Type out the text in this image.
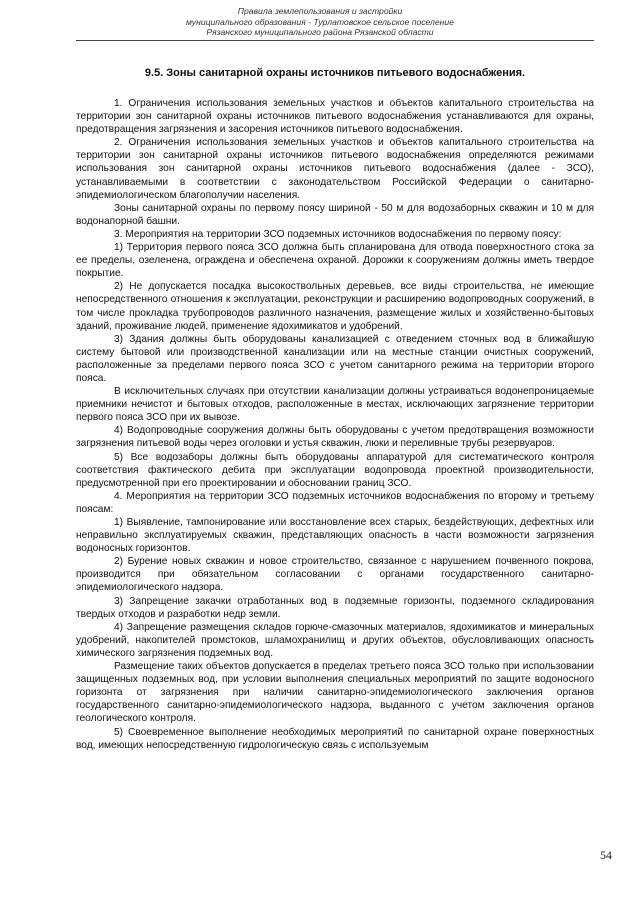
Правила землепользования и застройки
муниципального образования - Турлатовское сельское поселение
Рязанского муниципального района Рязанской области
9.5. Зоны санитарной охраны источников питьевого водоснабжения.

1. Ограничения использования земельных участков и объектов капитального строительства на территории зон санитарной охраны источников питьевого водоснабжения устанавливаются для охраны, предотвращения загрязнения и засорения источников питьевого водоснабжения.

2. Ограничения использования земельных участков и объектов капитального строительства на территории зон санитарной охраны источников питьевого водоснабжения определяются режимами использования зон санитарной охраны источников питьевого водоснабжения (далее - ЗСО), устанавливаемыми в соответствии с законодательством Российской Федерации о санитарно-эпидемиологическом благополучии населения.

Зоны санитарной охраны по первому поясу шириной - 50 м для водозаборных скважин и 10 м для водонапорной башни.

3. Мероприятия на территории ЗСО подземных источников водоснабжения по первому поясу:

1) Территория первого пояса ЗСО должна быть спланирована для отвода поверхностного стока за ее пределы, озеленена, ограждена и обеспечена охраной. Дорожки к сооружениям должны иметь твердое покрытие.

2) Не допускается посадка высокоствольных деревьев, все виды строительства, не имеющие непосредственного отношения к эксплуатации, реконструкции и расширению водопроводных сооружений, в том числе прокладка трубопроводов различного назначения, размещение жилых и хозяйственно-бытовых зданий, проживание людей, применение ядохимикатов и удобрений.

3) Здания должны быть оборудованы канализацией с отведением сточных вод в ближайшую систему бытовой или производственной канализации или на местные станции очистных сооружений, расположенные за пределами первого пояса ЗСО с учетом санитарного режима на территории второго пояса.

В исключительных случаях при отсутствии канализации должны устраиваться водонепроницаемые приемники нечистот и бытовых отходов, расположенные в местах, исключающих загрязнение территории первого пояса ЗСО при их вывозе.

4) Водопроводные сооружения должны быть оборудованы с учетом предотвращения возможности загрязнения питьевой воды через оголовки и устья скважин, люки и переливные трубы резервуаров.

5) Все водозаборы должны быть оборудованы аппаратурой для систематического контроля соответствия фактического дебита при эксплуатации водопровода проектной производительности, предусмотренной при его проектировании и обосновании границ ЗСО.

4. Мероприятия на территории ЗСО подземных источников водоснабжения по второму и третьему поясам:

1) Выявление, тампонирование или восстановление всех старых, бездействующих, дефектных или неправильно эксплуатируемых скважин, представляющих опасность в части возможности загрязнения водоносных горизонтов.

2) Бурение новых скважин и новое строительство, связанное с нарушением почвенного покрова, производится при обязательном согласовании с органами государственного санитарно-эпидемиологического надзора.

3) Запрещение закачки отработанных вод в подземные горизонты, подземного складирования твердых отходов и разработки недр земли.

4) Запрещение размещения складов горюче-смазочных материалов, ядохимикатов и минеральных удобрений, накопителей промстоков, шламохранилищ и других объектов, обусловливающих опасность химического загрязнения подземных вод.

Размещение таких объектов допускается в пределах третьего пояса ЗСО только при использовании защищенных подземных вод, при условии выполнения специальных мероприятий по защите водоносного горизонта от загрязнения при наличии санитарно-эпидемиологического заключения органов государственного санитарно-эпидемиологического надзора, выданного с учетом заключения органов геологического контроля.

5) Своевременное выполнение необходимых мероприятий по санитарной охране поверхностных вод, имеющих непосредственную гидрологическую связь с используемым

54
